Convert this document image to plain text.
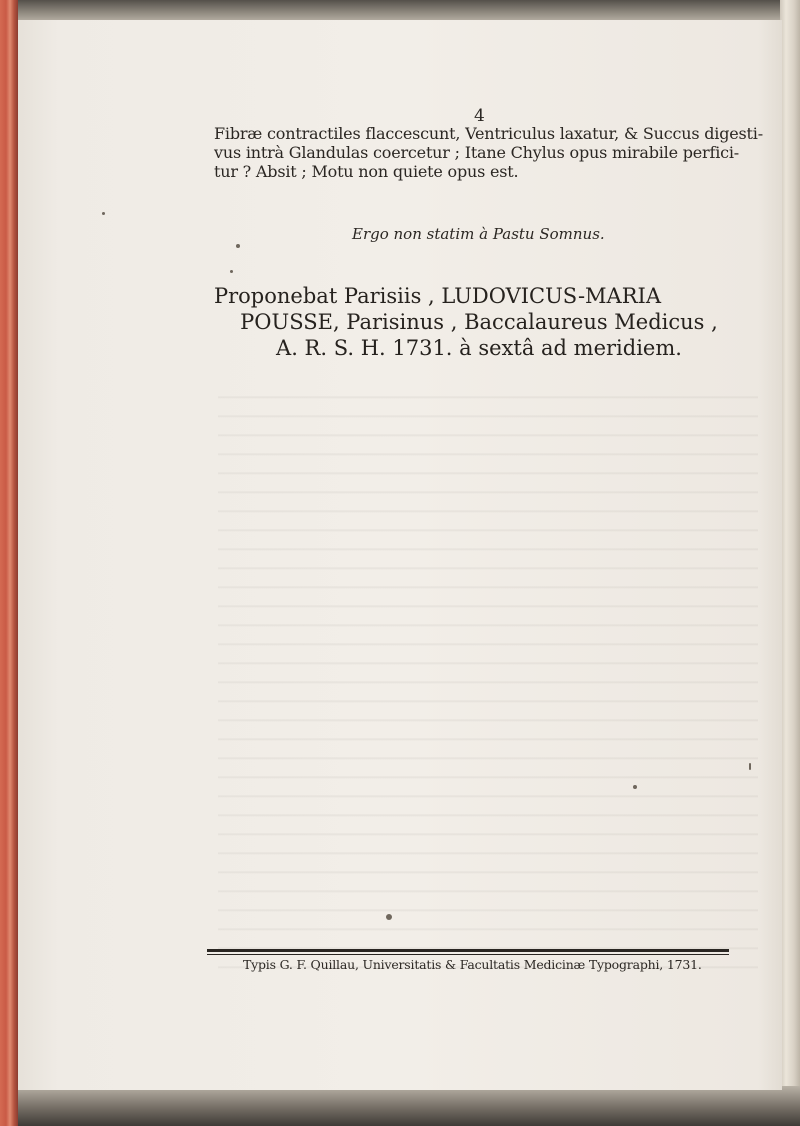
4
Fibræ contractiles flaccescunt, Ventriculus laxatur, & Succus digesti-
vus intrà Glandulas coercetur ; Itane Chylus opus mirabile perfici-
tur ? Absit ; Motu non quiete opus est.
Ergo non statim à Pastu Somnus.
Proponebat Parisiis , LUDOVICUS-MARIA
POUSSE, Parisinus , Baccalaureus Medicus ,
A. R. S. H. 1731. à sextâ ad meridiem.
Typis G. F. Quillau, Universitatis & Facultatis Medicinæ Typographi, 1731.
